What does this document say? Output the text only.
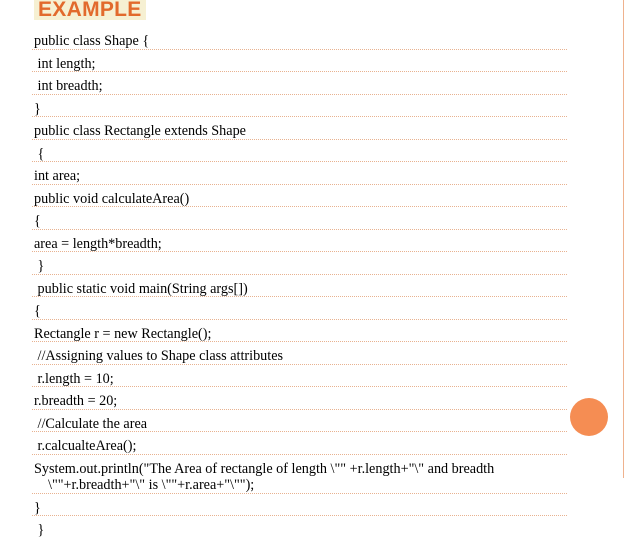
EXAMPLE
public class Shape {
int length;
int breadth;
}
public class Rectangle extends Shape
{
int area;
public void calculateArea()
{
area = length*breadth;
}
public static void main(String args[])
{
Rectangle r = new Rectangle();
//Assigning values to Shape class attributes
r.length = 10;
r.breadth = 20;
//Calculate the area
r.calcualteArea();
System.out.println("The Area of rectangle of length \"" +r.length+"\" and breadth
\""+r.breadth+"\" is \""+r.area+"\"");
}
}
